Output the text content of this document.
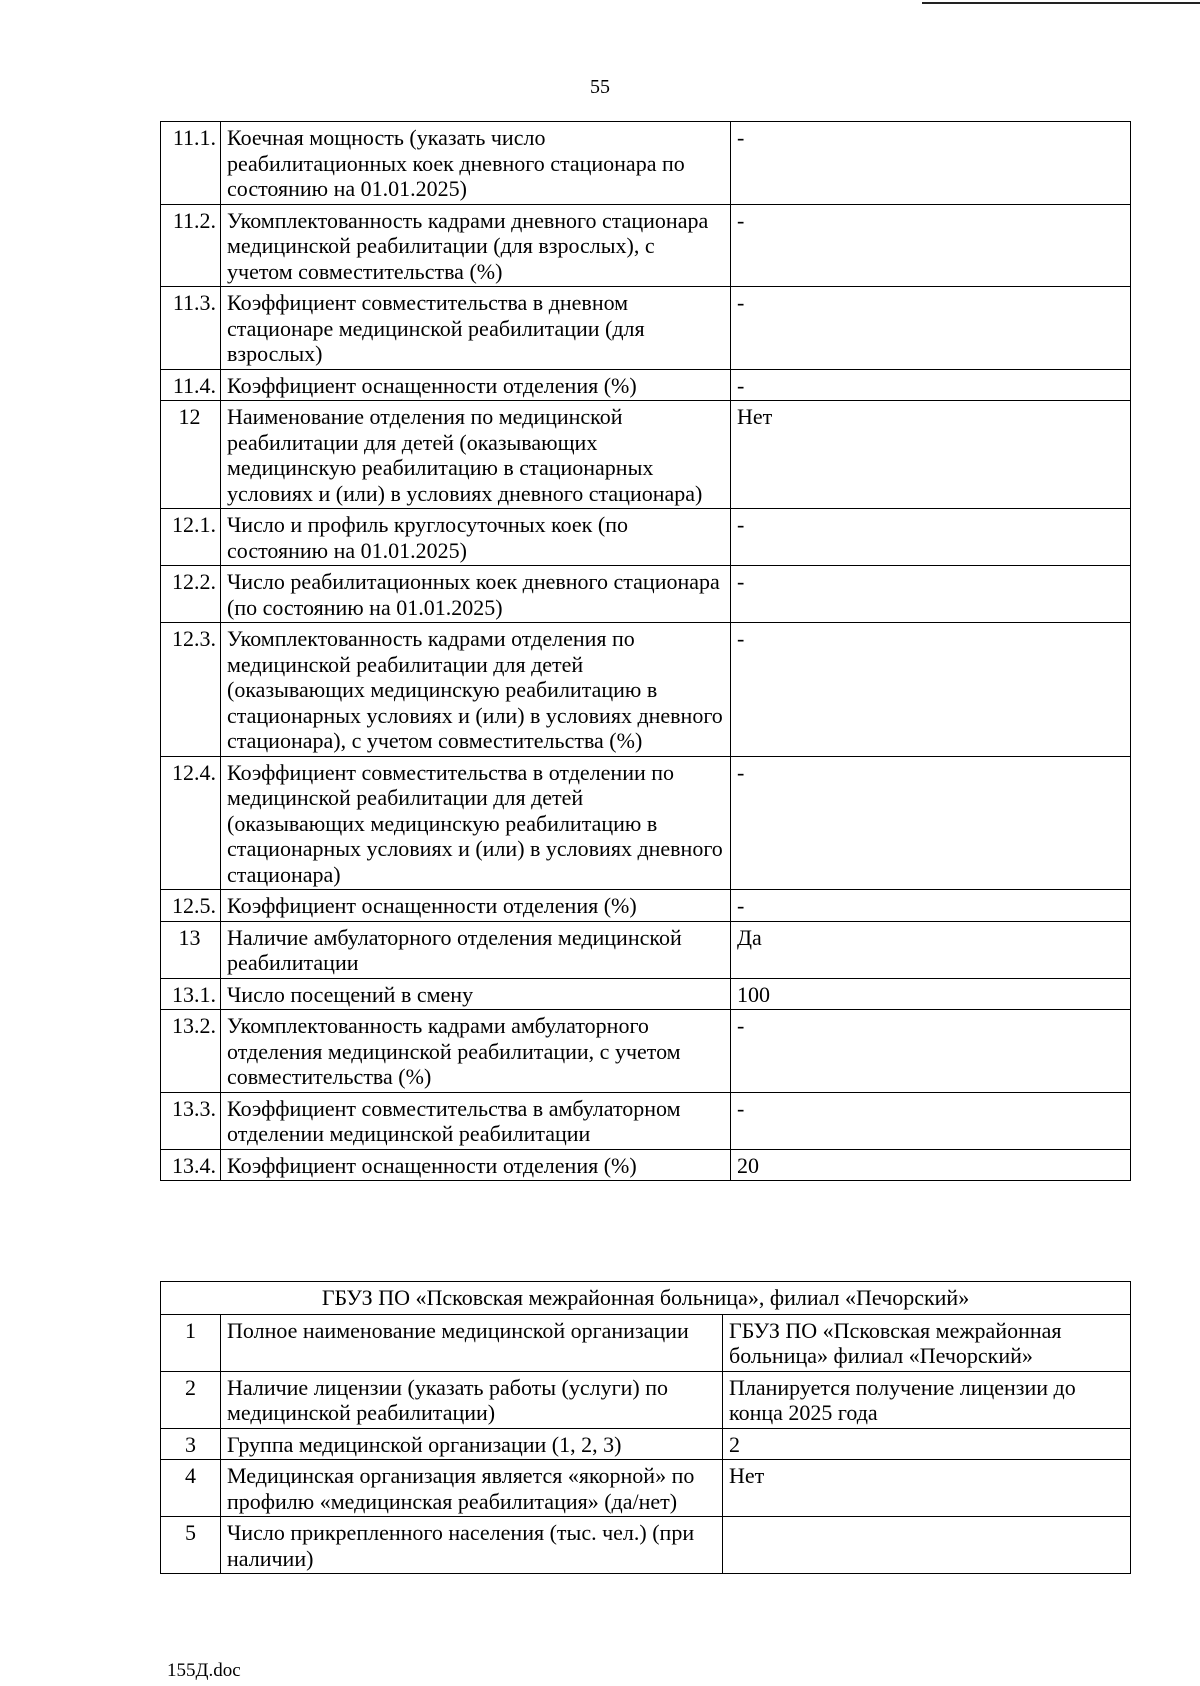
55
11.1.	Коечная мощность (указать число реабилитационных коек дневного стационара по состоянию на 01.01.2025)	-
11.2.	Укомплектованность кадрами дневного стационара медицинской реабилитации (для взрослых), с учетом совместительства (%)	-
11.3.	Коэффициент совместительства в дневном стационаре медицинской реабилитации (для взрослых)	-
11.4.	Коэффициент оснащенности отделения (%)	-
12	Наименование отделения по медицинской реабилитации для детей (оказывающих медицинскую реабилитацию в стационарных условиях и (или) в условиях дневного стационара)	Нет
12.1.	Число и профиль круглосуточных коек (по состоянию на 01.01.2025)	-
12.2.	Число реабилитационных коек дневного стационара (по состоянию на 01.01.2025)	-
12.3.	Укомплектованность кадрами отделения по медицинской реабилитации для детей (оказывающих медицинскую реабилитацию в стационарных условиях и (или) в условиях дневного стационара), с учетом совместительства (%)	-
12.4.	Коэффициент совместительства в отделении по медицинской реабилитации для детей (оказывающих медицинскую реабилитацию в стационарных условиях и (или) в условиях дневного стационара)	-
12.5.	Коэффициент оснащенности отделения (%)	-
13	Наличие амбулаторного отделения медицинской реабилитации	Да
13.1.	Число посещений в смену	100
13.2.	Укомплектованность кадрами амбулаторного отделения медицинской реабилитации, с учетом совместительства (%)	-
13.3.	Коэффициент совместительства в амбулаторном отделении медицинской реабилитации	-
13.4.	Коэффициент оснащенности отделения (%)	20
ГБУЗ ПО «Псковская межрайонная больница», филиал «Печорский»		
1	Полное наименование медицинской организации	ГБУЗ ПО «Псковская межрайонная больница» филиал «Печорский»
2	Наличие лицензии (указать работы (услуги) по медицинской реабилитации)	Планируется получение лицензии до конца 2025 года
3	Группа медицинской организации (1, 2, 3)	2
4	Медицинская организация является «якорной» по профилю «медицинская реабилитация» (да/нет)	Нет
5	Число прикрепленного населения (тыс. чел.) (при наличии)	
155Д.doc
